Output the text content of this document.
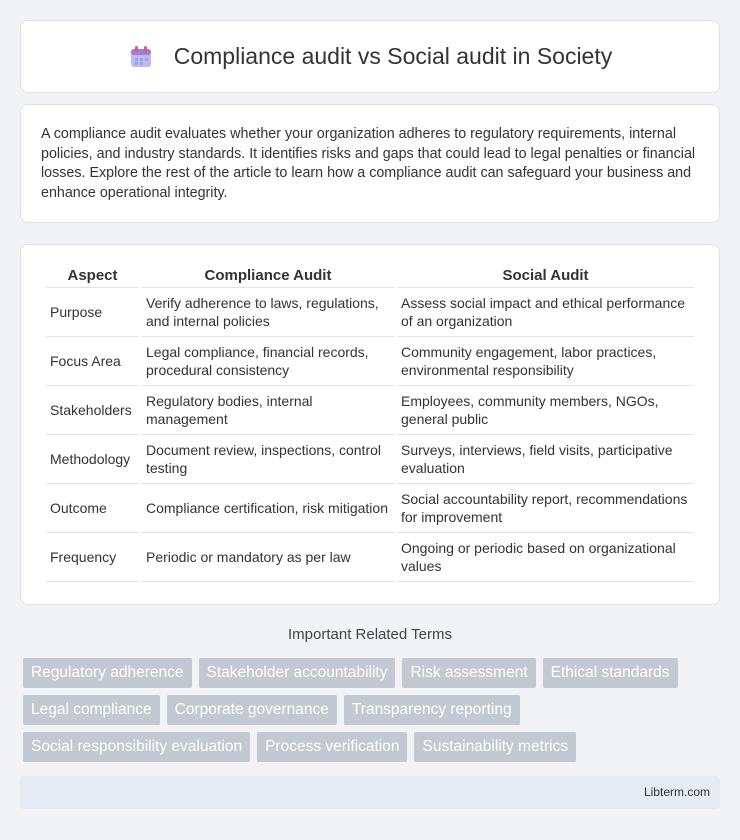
Compliance audit vs Social audit in Society

A compliance audit evaluates whether your organization adheres to regulatory requirements, internal policies, and industry standards. It identifies risks and gaps that could lead to legal penalties or financial losses. Explore the rest of the article to learn how a compliance audit can safeguard your business and enhance operational integrity.

Aspect	Compliance Audit	Social Audit
Purpose	Verify adherence to laws, regulations, and internal policies	Assess social impact and ethical performance of an organization
Focus Area	Legal compliance, financial records, procedural consistency	Community engagement, labor practices, environmental responsibility
Stakeholders	Regulatory bodies, internal management	Employees, community members, NGOs, general public
Methodology	Document review, inspections, control testing	Surveys, interviews, field visits, participative evaluation
Outcome	Compliance certification, risk mitigation	Social accountability report, recommendations for improvement
Frequency	Periodic or mandatory as per law	Ongoing or periodic based on organizational values
Important Related Terms
Regulatory adherence	Stakeholder accountability	Risk assessment	Ethical standards
Legal compliance	Corporate governance	Transparency reporting
Social responsibility evaluation	Process verification	Sustainability metrics
Libterm.com
